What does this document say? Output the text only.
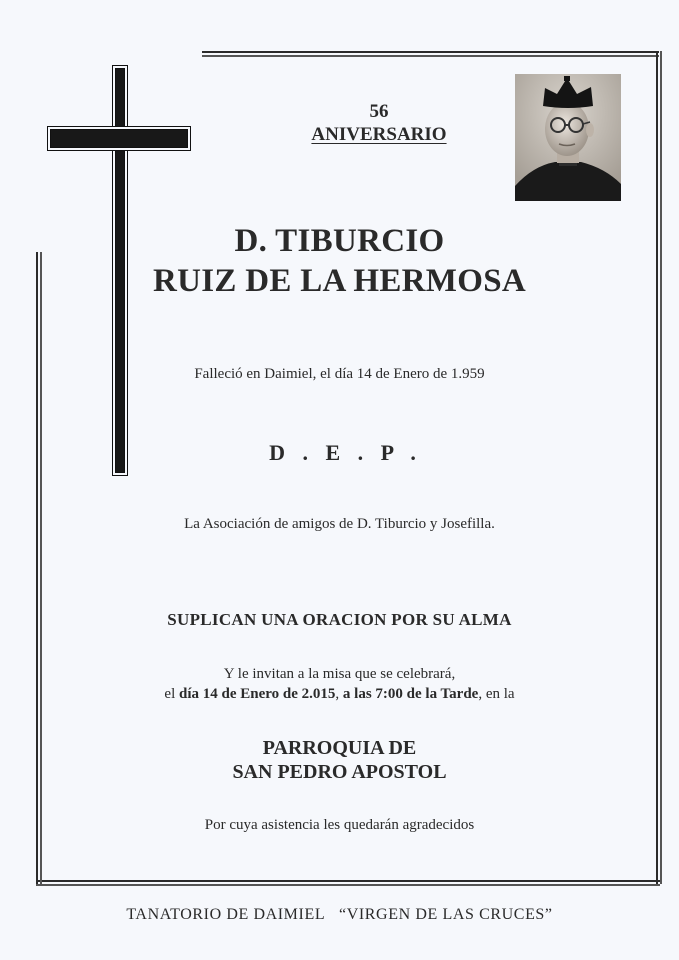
56
ANIVERSARIO
D. TIBURCIO
RUIZ DE LA HERMOSA
Falleció en Daimiel, el día 14 de Enero de 1.959
D . E . P .
La Asociación de amigos de D. Tiburcio y Josefilla.
SUPLICAN UNA ORACION POR SU ALMA
Y le invitan a la misa que se celebrará,
el día 14 de Enero de 2.015, a las 7:00 de la Tarde, en la
PARROQUIA DE
SAN PEDRO APOSTOL
Por cuya asistencia les quedarán agradecidos
TANATORIO DE DAIMIEL “VIRGEN DE LAS CRUCES”
